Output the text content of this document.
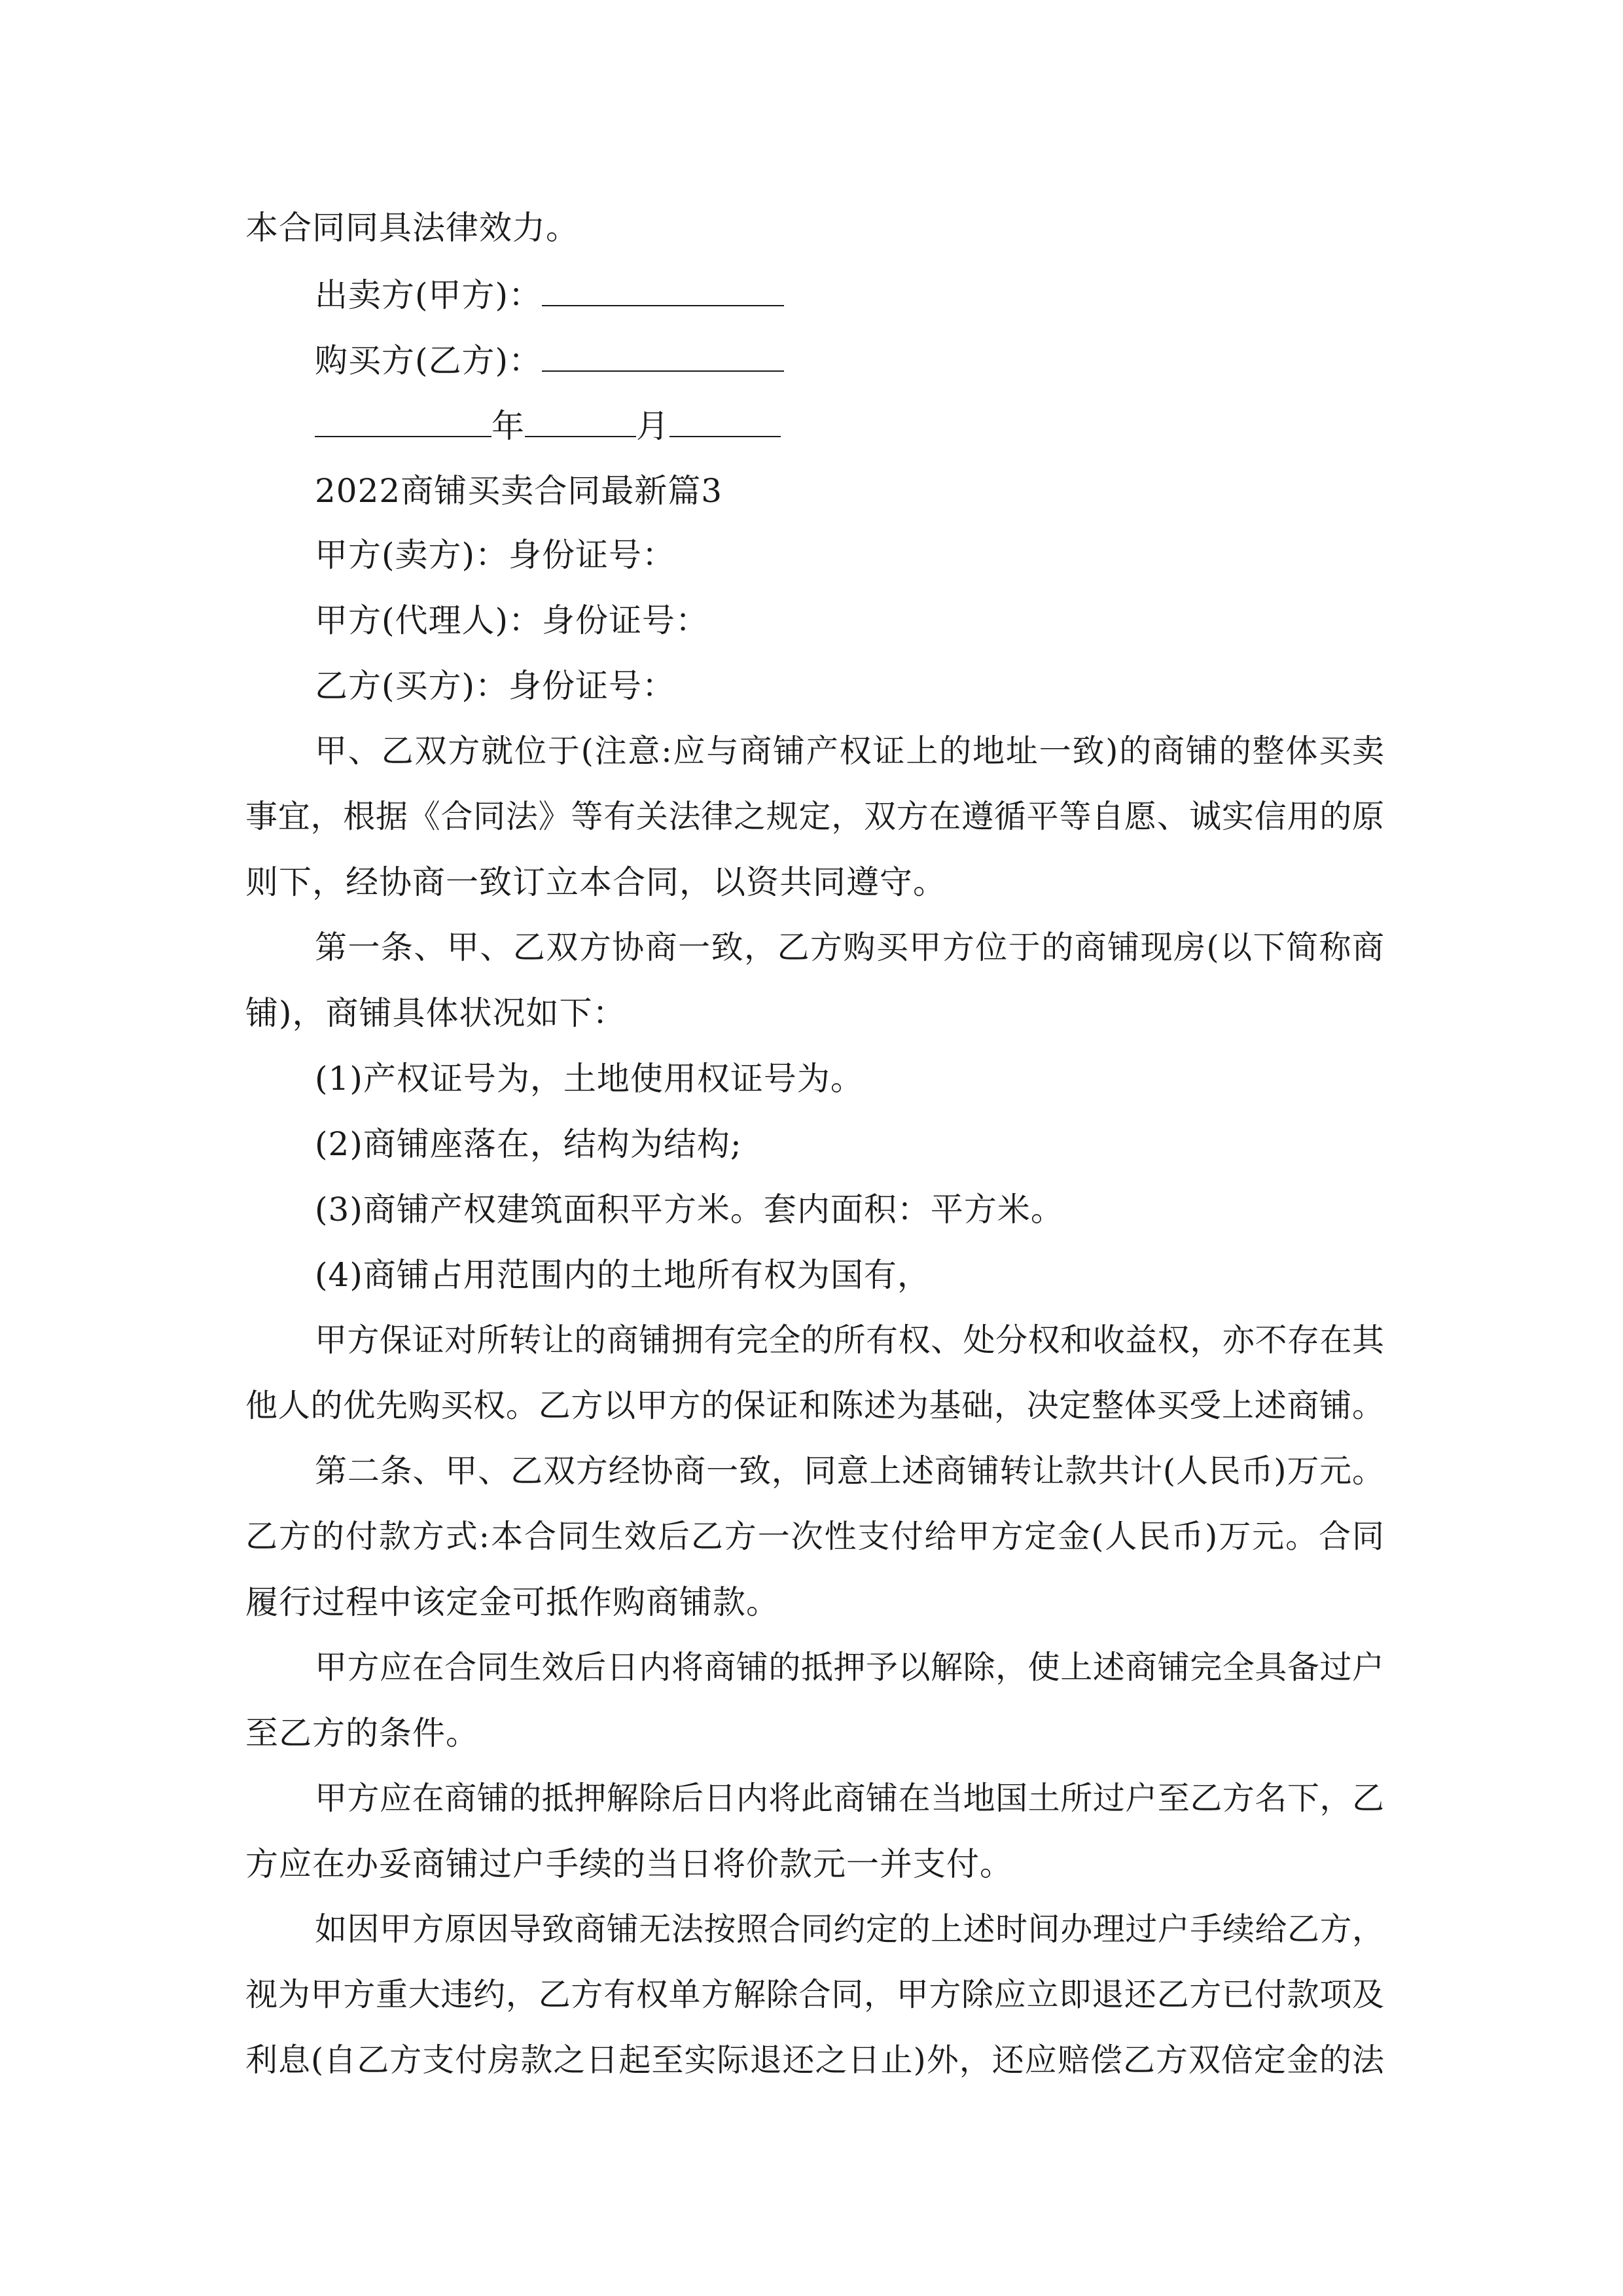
本合同同具法律效力。
出卖方(甲方)：
购买方(乙方)：
年	月
2022商铺买卖合同最新篇3
甲方(卖方)：身份证号：
甲方(代理人)：身份证号：
乙方(买方)：身份证号：
甲、乙双方就位于(注意:应与商铺产权证上的地址一致)的商铺的整体买卖
事宜，根据《合同法》等有关法律之规定，双方在遵循平等自愿、诚实信用的原
则下，经协商一致订立本合同，以资共同遵守。
第一条、甲、乙双方协商一致，乙方购买甲方位于的商铺现房(以下简称商
铺)，商铺具体状况如下：
(1)产权证号为，土地使用权证号为。
(2)商铺座落在，结构为结构;
(3)商铺产权建筑面积平方米。套内面积：平方米。
(4)商铺占用范围内的土地所有权为国有，
甲方保证对所转让的商铺拥有完全的所有权、处分权和收益权，亦不存在其
他人的优先购买权。乙方以甲方的保证和陈述为基础，决定整体买受上述商铺。
第二条、甲、乙双方经协商一致，同意上述商铺转让款共计(人民币)万元。
乙方的付款方式:本合同生效后乙方一次性支付给甲方定金(人民币)万元。合同
履行过程中该定金可抵作购商铺款。
甲方应在合同生效后日内将商铺的抵押予以解除，使上述商铺完全具备过户
至乙方的条件。
甲方应在商铺的抵押解除后日内将此商铺在当地国土所过户至乙方名下，乙
方应在办妥商铺过户手续的当日将价款元一并支付。
如因甲方原因导致商铺无法按照合同约定的上述时间办理过户手续给乙方，
视为甲方重大违约，乙方有权单方解除合同，甲方除应立即退还乙方已付款项及
利息(自乙方支付房款之日起至实际退还之日止)外，还应赔偿乙方双倍定金的法
